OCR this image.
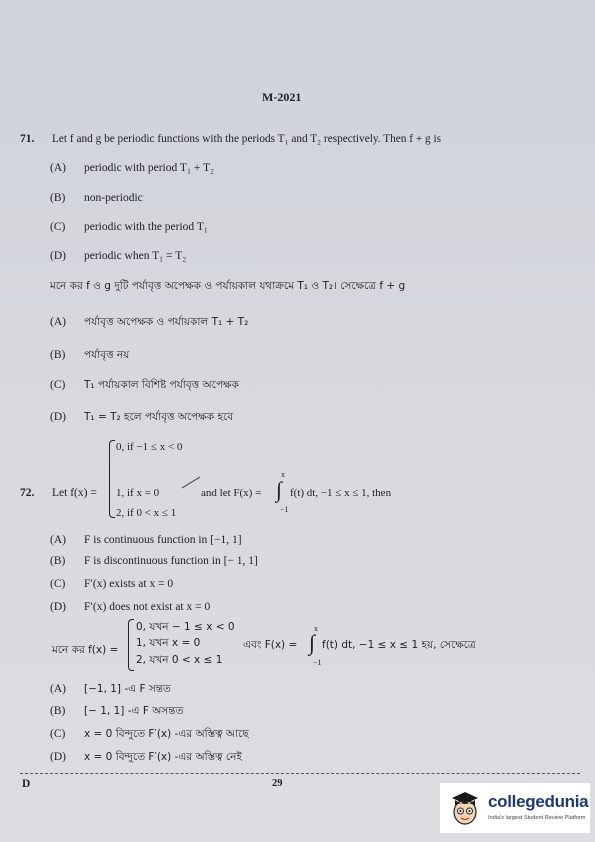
M-2021
71. Let f and g be periodic functions with the periods T₁ and T₂ respectively. Then f + g is
(A) periodic with period T₁ + T₂
(B) non-periodic
(C) periodic with the period T₁
(D) periodic when T₁ = T₂
মনে কর f ও g দুটি পর্যাবৃত্ত অপেক্ষক ও পর্যায়কাল যথাক্রমে T₁ ও T₂। সেক্ষেত্রে f + g
(A) পর্যাবৃত্ত অপেক্ষক ও পর্যায়কাল T₁ + T₂
(B) পর্যাবৃত্ত নয়
(C) T₁ পর্যায়কাল বিশিষ্ট পর্যাবৃত্ত অপেক্ষক
(D) T₁ = T₂ হলে পর্যাবৃত্ত অপেক্ষক হবে
72. Let f(x) =
0, if −1 ≤ x < 0
1, if x = 0
2, if 0 < x ≤ 1
and let F(x) =
x
∫
−1
f(t) dt, −1 ≤ x ≤ 1, then
(A) F is continuous function in [−1, 1]
(B) F is discontinuous function in [− 1, 1]
(C) F′(x) exists at x = 0
(D) F′(x) does not exist at x = 0
মনে কর f(x) =
0, যখন − 1 ≤ x < 0
1, যখন x = 0
2, যখন 0 < x ≤ 1
এবং F(x) =
x
∫
−1
f(t) dt, −1 ≤ x ≤ 1 হয়, সেক্ষেত্রে
(A) [−1, 1] -এ F সন্তত
(B) [− 1, 1] -এ F অসন্তত
(C) x = 0 বিন্দুতে F′(x) -এর অস্তিত্ব আছে
(D) x = 0 বিন্দুতে F′(x) -এর অস্তিত্ব নেই
D	29
collegedunia
India's largest Student Review Platform
